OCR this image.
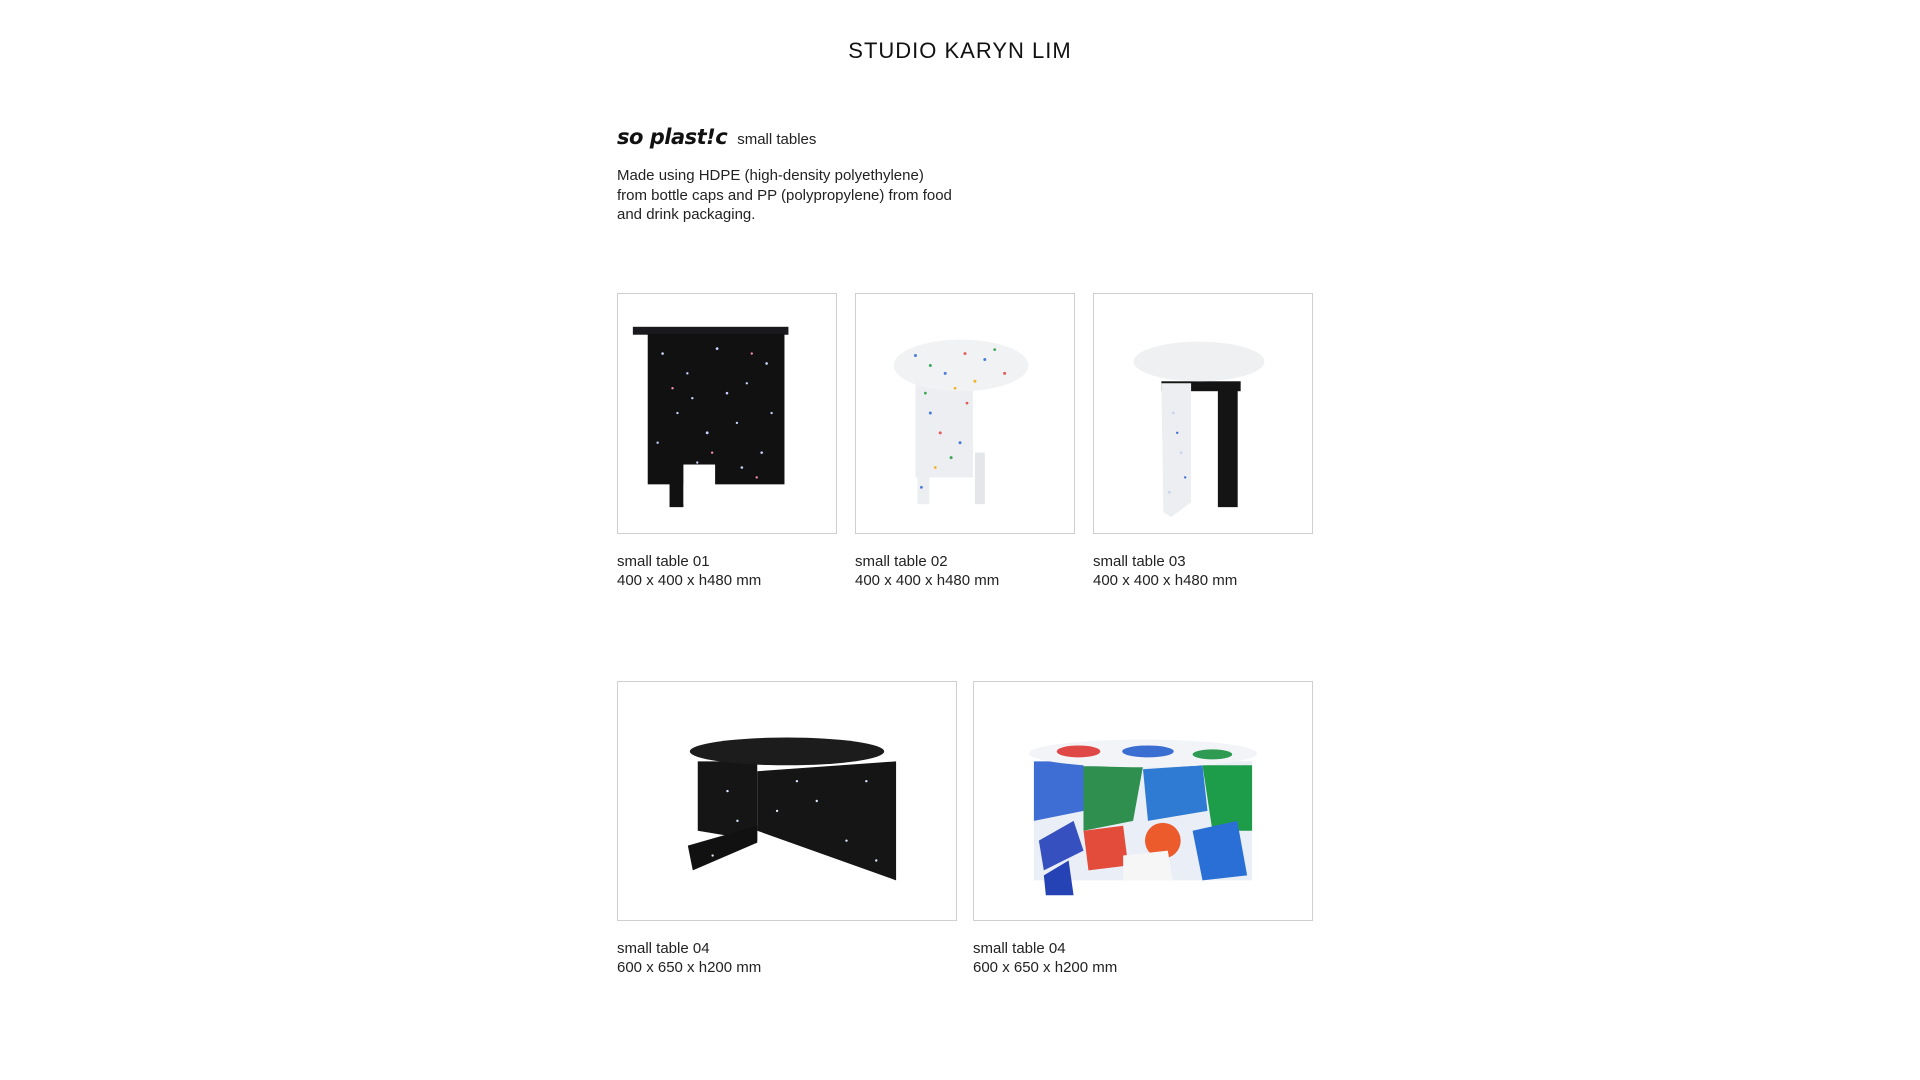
STUDIO KARYN LIM
so plast!c small tables
Made using HDPE (high-density polyethylene) from bottle caps and PP (polypropylene) from food and drink packaging.
small table 01
400 x 400 x h480 mm
small table 02
400 x 400 x h480 mm
small table 03
400 x 400 x h480 mm
small table 04
600 x 650 x h200 mm
small table 04
600 x 650 x h200 mm
